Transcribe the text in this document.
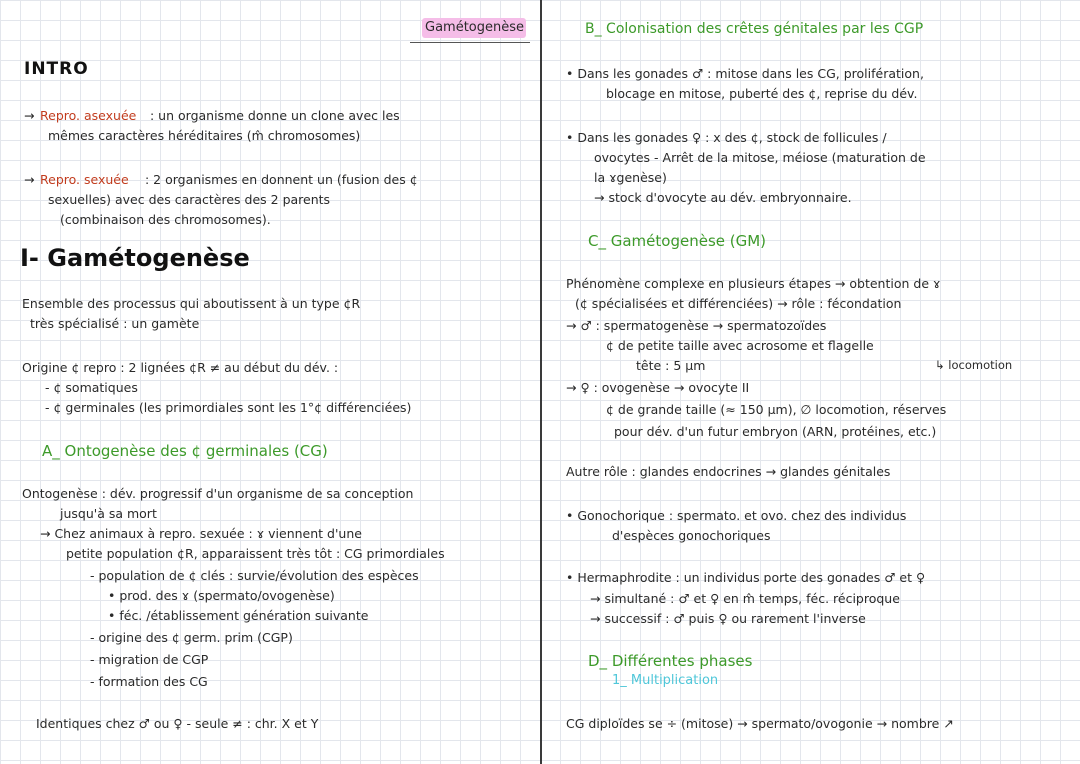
Gamétogenèse
INTRO
→ Repro. asexuée : un organisme donne un clone avec les
mêmes caractères héréditaires (m̂ chromosomes)
→ Repro. sexuée : 2 organismes en donnent un (fusion des ¢
sexuelles) avec des caractères des 2 parents
(combinaison des chromosomes).
I- Gamétogenèse
Ensemble des processus qui aboutissent à un type ¢R
très spécialisé : un gamète
Origine ¢ repro : 2 lignées ¢R ≠ au début du dév. :
- ¢ somatiques
- ¢ germinales (les primordiales sont les 1°¢ différenciées)
A_ Ontogenèse des ¢ germinales (CG)
Ontogenèse : dév. progressif d'un organisme de sa conception
jusqu'à sa mort
→ Chez animaux à repro. sexuée : ɤ viennent d'une
petite population ¢R, apparaissent très tôt : CG primordiales
- population de ¢ clés : survie/évolution des espèces
• prod. des ɤ (spermato/ovogenèse)
• féc. /établissement génération suivante
- origine des ¢ germ. prim (CGP)
- migration de CGP
- formation des CG
Identiques chez ♂ ou ♀ - seule ≠ : chr. X et Y
B_ Colonisation des crêtes génitales par les CGP
• Dans les gonades ♂ : mitose dans les CG, prolifération,
blocage en mitose, puberté des ¢, reprise du dév.
• Dans les gonades ♀ : x des ¢, stock de follicules /
ovocytes - Arrêt de la mitose, méiose (maturation de
la ɤgenèse)
→ stock d'ovocyte au dév. embryonnaire.
C_ Gamétogenèse (GM)
Phénomène complexe en plusieurs étapes → obtention de ɤ
(¢ spécialisées et différenciées) → rôle : fécondation
→ ♂ : spermatogenèse → spermatozoïdes
¢ de petite taille avec acrosome et flagelle
tête : 5 µm	↳ locomotion
→ ♀ : ovogenèse → ovocyte II
¢ de grande taille (≈ 150 µm), ∅ locomotion, réserves
pour dév. d'un futur embryon (ARN, protéines, etc.)
Autre rôle : glandes endocrines → glandes génitales
• Gonochorique : spermato. et ovo. chez des individus
d'espèces gonochoriques
• Hermaphrodite : un individus porte des gonades ♂ et ♀
→ simultané : ♂ et ♀ en m̂ temps, féc. réciproque
→ successif : ♂ puis ♀ ou rarement l'inverse
D_ Différentes phases
1_ Multiplication
CG diploïdes se ÷ (mitose) → spermato/ovogonie → nombre ↗
